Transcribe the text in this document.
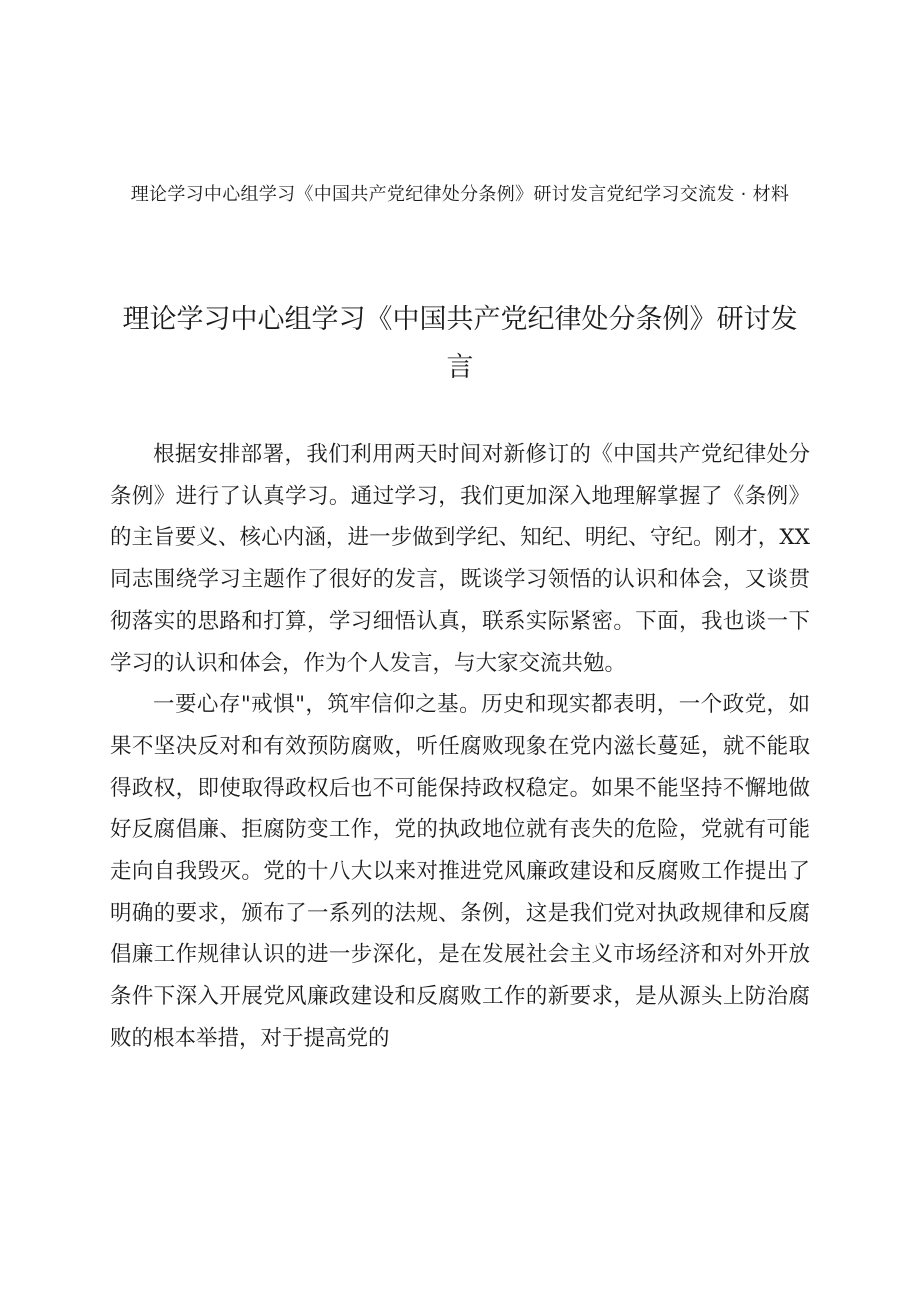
理论学习中心组学习《中国共产党纪律处分条例》研讨发言党纪学习交流发 · 材料
理论学习中心组学习《中国共产党纪律处分条例》研讨发言

根据安排部署，我们利用两天时间对新修订的《中国共产党纪律处分条例》进行了认真学习。通过学习，我们更加深入地理解掌握了《条例》的主旨要义、核心内涵，进一步做到学纪、知纪、明纪、守纪。刚才，XX同志围绕学习主题作了很好的发言，既谈学习领悟的认识和体会，又谈贯彻落实的思路和打算，学习细悟认真，联系实际紧密。下面，我也谈一下学习的认识和体会，作为个人发言，与大家交流共勉。

一要心存"戒惧"，筑牢信仰之基。历史和现实都表明，一个政党，如果不坚决反对和有效预防腐败，听任腐败现象在党内滋长蔓延，就不能取得政权，即使取得政权后也不可能保持政权稳定。如果不能坚持不懈地做好反腐倡廉、拒腐防变工作，党的执政地位就有丧失的危险，党就有可能走向自我毁灭。党的十八大以来对推进党风廉政建设和反腐败工作提出了明确的要求，颁布了一系列的法规、条例，这是我们党对执政规律和反腐倡廉工作规律认识的进一步深化，是在发展社会主义市场经济和对外开放条件下深入开展党风廉政建设和反腐败工作的新要求，是从源头上防治腐败的根本举措，对于提高党的
